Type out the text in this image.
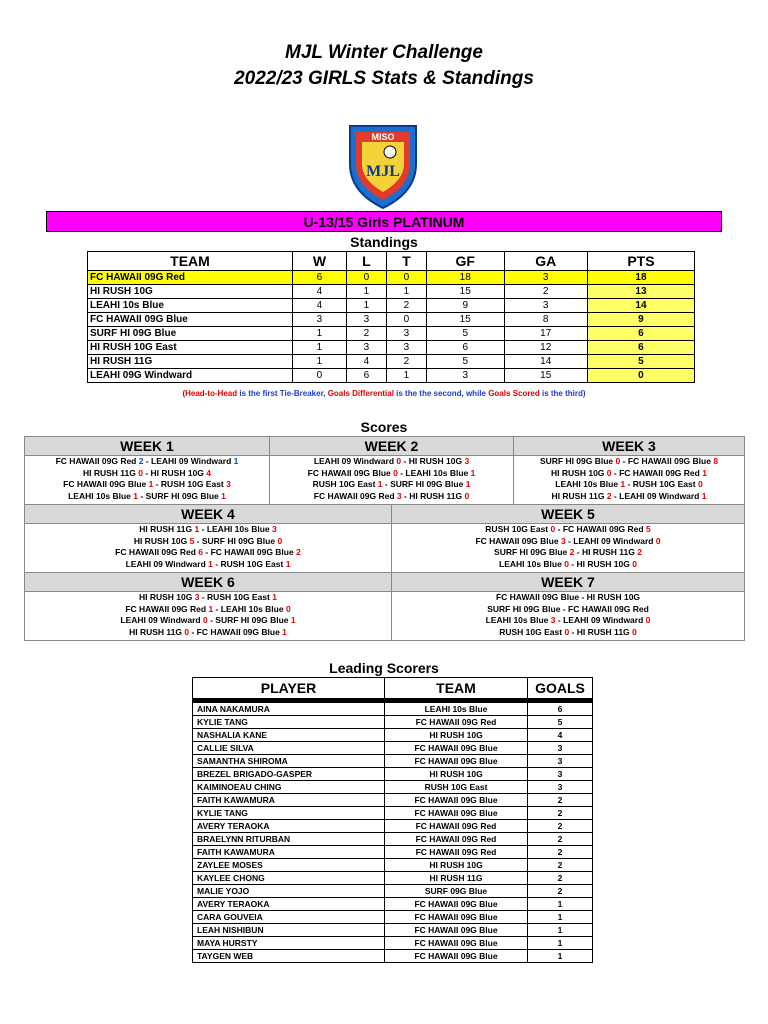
MJL Winter Challenge
2022/23 GIRLS Stats & Standings
MISO
MJL
U-13/15 Girls PLATINUM
Standings
TEAM	W	L	T	GF	GA	PTS
FC HAWAII 09G Red	6	0	0	18	3	18
HI RUSH 10G	4	1	1	15	2	13
LEAHI 10s Blue	4	1	2	9	3	14
FC HAWAII 09G Blue	3	3	0	15	8	9
SURF HI 09G Blue	1	2	3	5	17	6
HI RUSH 10G East	1	3	3	6	12	6
HI RUSH 11G	1	4	2	5	14	5
LEAHI 09G Windward	0	6	1	3	15	0
(Head-to-Head is the first Tie-Breaker, Goals Differential is the the second, while Goals Scored is the third)
Scores
WEEK 1
FC HAWAII 09G Red 2 - LEAHI 09 Windward 1
HI RUSH 11G 0 - HI RUSH 10G 4
FC HAWAII 09G Blue 1 - RUSH 10G East 3
LEAHI 10s Blue 1 - SURF HI 09G Blue 1
WEEK 2
LEAHI 09 Windward 0 - HI RUSH 10G 3
FC HAWAII 09G Blue 0 - LEAHI 10s Blue 1
RUSH 10G East 1 - SURF HI 09G Blue 1
FC HAWAII 09G Red 3 - HI RUSH 11G 0
WEEK 3
SURF HI 09G Blue 0 - FC HAWAII 09G Blue 8
HI RUSH 10G 0 - FC HAWAII 09G Red 1
LEAHI 10s Blue 1 - RUSH 10G East 0
HI RUSH 11G 2 - LEAHI 09 Windward 1
WEEK 4
HI RUSH 11G 1 - LEAHI 10s Blue 3
HI RUSH 10G 5 - SURF HI 09G Blue 0
FC HAWAII 09G Red 6 - FC HAWAII 09G Blue 2
LEAHI 09 Windward 1 - RUSH 10G East 1
WEEK 5
RUSH 10G East 0 - FC HAWAII 09G Red 5
FC HAWAII 09G Blue 3 - LEAHI 09 Windward 0
SURF HI 09G Blue 2 - HI RUSH 11G 2
LEAHI 10s Blue 0 - HI RUSH 10G 0
WEEK 6
HI RUSH 10G 3 - RUSH 10G East 1
FC HAWAII 09G Red 1 - LEAHI 10s Blue 0
LEAHI 09 Windward 0 - SURF HI 09G Blue 1
HI RUSH 11G 0 - FC HAWAII 09G Blue 1
WEEK 7
FC HAWAII 09G Blue - HI RUSH 10G
SURF HI 09G Blue - FC HAWAII 09G Red
LEAHI 10s Blue 3 - LEAHI 09 Windward 0
RUSH 10G East 0 - HI RUSH 11G 0
Leading Scorers
PLAYER	TEAM	GOALS

AINA NAKAMURA	LEAHI 10s Blue	6
KYLIE TANG	FC HAWAII 09G Red	5
NASHALIA KANE	HI RUSH 10G	4
CALLIE SILVA	FC HAWAII 09G Blue	3
SAMANTHA SHIROMA	FC HAWAII 09G Blue	3
BREZEL BRIGADO-GASPER	HI RUSH 10G	3
KAIMINOEAU CHING	RUSH 10G East	3
FAITH KAWAMURA	FC HAWAII 09G Blue	2
KYLIE TANG	FC HAWAII 09G Blue	2
AVERY TERAOKA	FC HAWAII 09G Red	2
BRAELYNN RITURBAN	FC HAWAII 09G Red	2
FAITH KAWAMURA	FC HAWAII 09G Red	2
ZAYLEE MOSES	HI RUSH 10G	2
KAYLEE CHONG	HI RUSH 11G	2
MALIE YOJO	SURF 09G Blue	2
AVERY TERAOKA	FC HAWAII 09G Blue	1
CARA GOUVEIA	FC HAWAII 09G Blue	1
LEAH NISHIBUN	FC HAWAII 09G Blue	1
MAYA HURSTY	FC HAWAII 09G Blue	1
TAYGEN WEB	FC HAWAII 09G Blue	1
